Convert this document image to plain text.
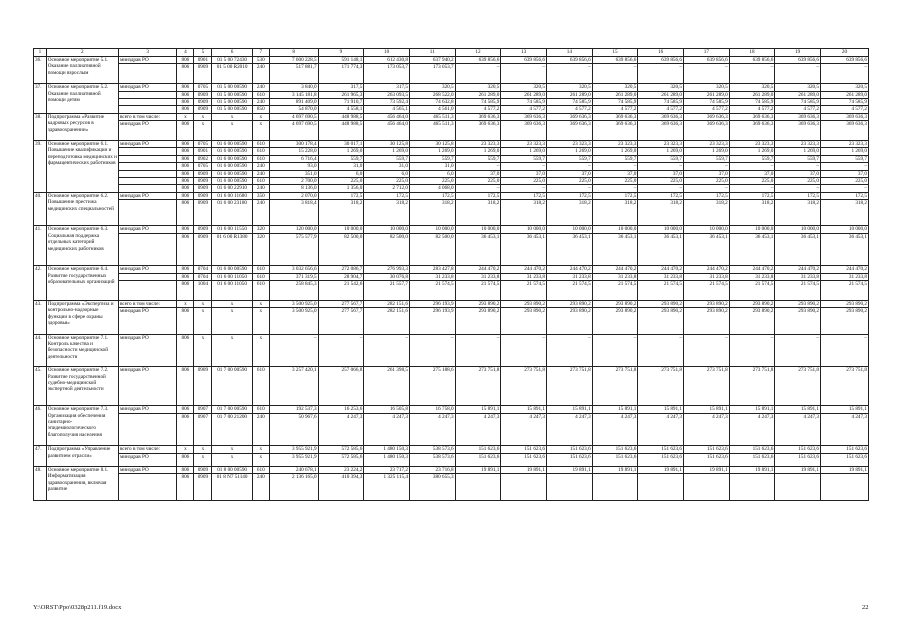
1	2	3	4	5	6	7	8	9	10	11	12	13	14	15	16	17	18	19	20
36.	Основное мероприятие 5.1. Оказание паллиативной помощи взрослым	минздрав РО	806	0901	01 5 00 72430	530	7 600 228,5	591 148,1	612 430,8	637 940,2	639 856,6	639 856,6	639 856,6	639 856,6	639 856,6	639 856,6	639 856,6	639 856,6	639 856,6
			806	0909	01 5 00 R2010	240	517 881,7	171 774,3	173 053,7	173 053,7	–	–	–	–	–	–	–	–	–
37.	Основное мероприятие 5.2. Оказание паллиативной помощи детям	минздрав РО	806	0705	01 5 00 00590	240	3 840,0	317,5	317,5	320,5	320,5	320,5	320,5	320,5	320,5	320,5	320,5	320,5	320,5
			806	0909	01 5 00 00590	610	3 145 181,8	261 965,3	263 093,5	268 522,0	261 289,0	261 289,0	261 289,0	261 289,0	261 289,0	261 289,0	261 289,0	261 289,0	261 289,0
			806	0909	01 5 00 00590	240	891 409,0	71 910,7	73 592,4	74 632,8	74 585,9	74 585,9	74 585,9	74 585,9	74 585,9	74 585,9	74 585,9	74 585,9	74 585,9
			806	0909	01 5 00 00590	850	54 870,0	4 558,1	4 565,1	4 561,0	4 577,2	4 577,2	4 577,2	4 577,2	4 577,2	4 577,2	4 577,2	4 577,2	4 577,2
38.	Подпрограмма «Развитие кадровых ресурсов в здравоохранении»	всего в том числе:	x	x	x	x	4 697 690,5	448 988,5	456 464,0	465 511,3	369 636,3	369 636,3	369 636,3	369 636,3	369 636,3	369 636,3	369 636,3	369 636,3	369 636,3
		минздрав РО	806	x	x	x	4 697 690,5	448 988,5	456 464,0	465 511,3	369 636,3	369 636,3	369 636,3	369 636,3	369 636,3	369 636,3	369 636,3	369 636,3	369 636,3
39.	Основное мероприятие 6.1. Повышение квалификации и переподготовка медицинских и фармацевтических работников	минздрав РО	806	0705	01 6 00 00590	610	300 178,4	30 017,1	30 125,8	30 125,8	23 323,3	23 323,3	23 323,3	23 323,3	23 323,3	23 323,3	23 323,3	23 323,3	23 323,3
			806	0901	01 6 00 00590	610	15 228,0	1 269,0	1 269,0	1 269,0	1 269,0	1 269,0	1 269,0	1 269,0	1 269,0	1 269,0	1 269,0	1 269,0	1 269,0
			806	0902	01 6 00 00590	610	6 716,4	559,7	559,7	559,7	559,7	559,7	559,7	559,7	559,7	559,7	559,7	559,7	559,7
			806	0705	01 6 00 00590	240	93,0	31,0	31,0	31,0	–	–	–	–	–	–	–	–	–
			806	0909	01 6 00 00590	240	351,0	6,0	6,0	6,0	37,0	37,0	37,0	37,0	37,0	37,0	37,0	37,0	37,0
			806	0909	01 6 00 00590	610	2 700,0	225,0	225,0	225,0	225,0	225,0	225,0	225,0	225,0	225,0	225,0	225,0	225,0
			806	0909	01 6 00 22910	240	8 136,0	1 356,0	2 712,0	4 068,0	–	–	–	–	–	–	–	–	–
40.	Основное мероприятие 6.2. Повышение престижа медицинских специальностей	минздрав РО	806	0909	01 6 00 11680	350	2 070,0	172,5	172,5	172,5	172,5	172,5	172,5	172,5	172,5	172,5	172,5	172,5	172,5
			806	0909	01 6 00 23180	240	3 818,4	318,2	318,2	318,2	318,2	318,2	318,2	318,2	318,2	318,2	318,2	318,2	318,2
41.	Основное мероприятие 6.3. Социальная поддержка отдельных категорий медицинских работников	минздрав РО	806	0909	01 6 00 11550	320	120 000,0	10 000,0	10 000,0	10 000,0	10 000,0	10 000,0	10 000,0	10 000,0	10 000,0	10 000,0	10 000,0	10 000,0	10 000,0
			806	0909	01 6 00 R1380	320	575 577,9	82 500,0	82 500,0	82 500,0	36 453,1	36 453,1	36 453,1	36 453,1	36 453,1	36 453,1	36 453,1	36 453,1	36 453,1
42.	Основное мероприятие 6.4. Развитие государственных образовательных организаций	минздрав РО	806	0704	01 6 00 00590	610	3 032 656,6	272 086,7	276 993,3	283 427,8	244 470,2	244 470,2	244 470,2	244 470,2	244 470,2	244 470,2	244 470,2	244 470,2	244 470,2
			806	0704	01 6 00 11050	610	371 319,5	28 904,7	30 076,8	31 233,8	31 233,8	31 233,8	31 233,8	31 233,8	31 233,8	31 233,8	31 233,8	31 233,8	31 233,8
			806	1004	01 6 00 11050	610	258 845,3	21 542,6	21 557,7	21 574,5	21 574,5	21 574,5	21 574,5	21 574,5	21 574,5	21 574,5	21 574,5	21 574,5	21 574,5
43.	Подпрограмма «Экспертиза и контрольно-надзорные функции в сфере охраны здоровья»	всего в том числе:	x	x	x	x	3 500 925,0	277 567,7	282 151,6	296 193,9	293 890,2	293 890,2	293 890,2	293 890,2	293 890,2	293 890,2	293 890,2	293 890,2	293 890,2
		минздрав РО	806	x	x	x	3 500 925,0	277 567,7	282 151,6	296 193,9	293 890,2	293 890,2	293 890,2	293 890,2	293 890,2	293 890,2	293 890,2	293 890,2	293 890,2
44.	Основное мероприятие 7.1. Контроль качества и безопасности медицинской деятельности	минздрав РО	806	x	x	x	–	–	–	–	–	–	–	–	–	–	–	–	–
45.	Основное мероприятие 7.2. Развитие государственной судебно-медицинской экспертной деятельности	минздрав РО	806	0909	01 7 00 00590	610	3 257 420,1	257 066,8	261 398,5	275 188,6	273 751,8	273 751,8	273 751,8	273 751,8	273 751,8	273 751,8	273 751,8	273 751,8	273 751,8
46.	Основное мероприятие 7.3. Организация обеспечения санитарно-эпидемиологического благополучия населения	минздрав РО	806	0907	01 7 00 00590	610	192 537,3	16 253,6	16 505,8	16 758,0	15 891,1	15 891,1	15 891,1	15 891,1	15 891,1	15 891,1	15 891,1	15 891,1	15 891,1
			806	0907	01 7 00 21200	240	50 967,6	4 247,3	4 247,3	4 247,3	4 247,3	4 247,3	4 247,3	4 247,3	4 247,3	4 247,3	4 247,3	4 247,3	4 247,3
47.	Подпрограмма «Управление развитием отрасли»	всего в том числе:	x	x	x	x	3 955 921,9	572 585,6	1 480 150,3	538 573,6	151 623,6	151 623,6	151 623,6	151 623,6	151 623,6	151 623,6	151 623,6	151 623,6	151 623,6
		минздрав РО	806	x	x	x	3 955 921,9	572 585,6	1 480 150,3	538 573,6	151 623,6	151 623,6	151 623,6	151 623,6	151 623,6	151 623,6	151 623,6	151 623,6	151 623,6
48.	Основное мероприятие 8.1. Информатизация здравоохранения, включая развитие	минздрав РО	806	0909	01 8 00 00590	610	240 678,1	23 224,2	23 717,2	23 716,8	19 891,1	19 891,1	19 891,1	19 891,1	19 891,1	19 891,1	19 891,1	19 891,1	19 891,1
			806	0909	01 8 N7 51140	240	2 136 165,0	410 394,3	1 325 115,4	380 655,3									
Y:\ORST\Ppo\0328p211.f19.docx	22
